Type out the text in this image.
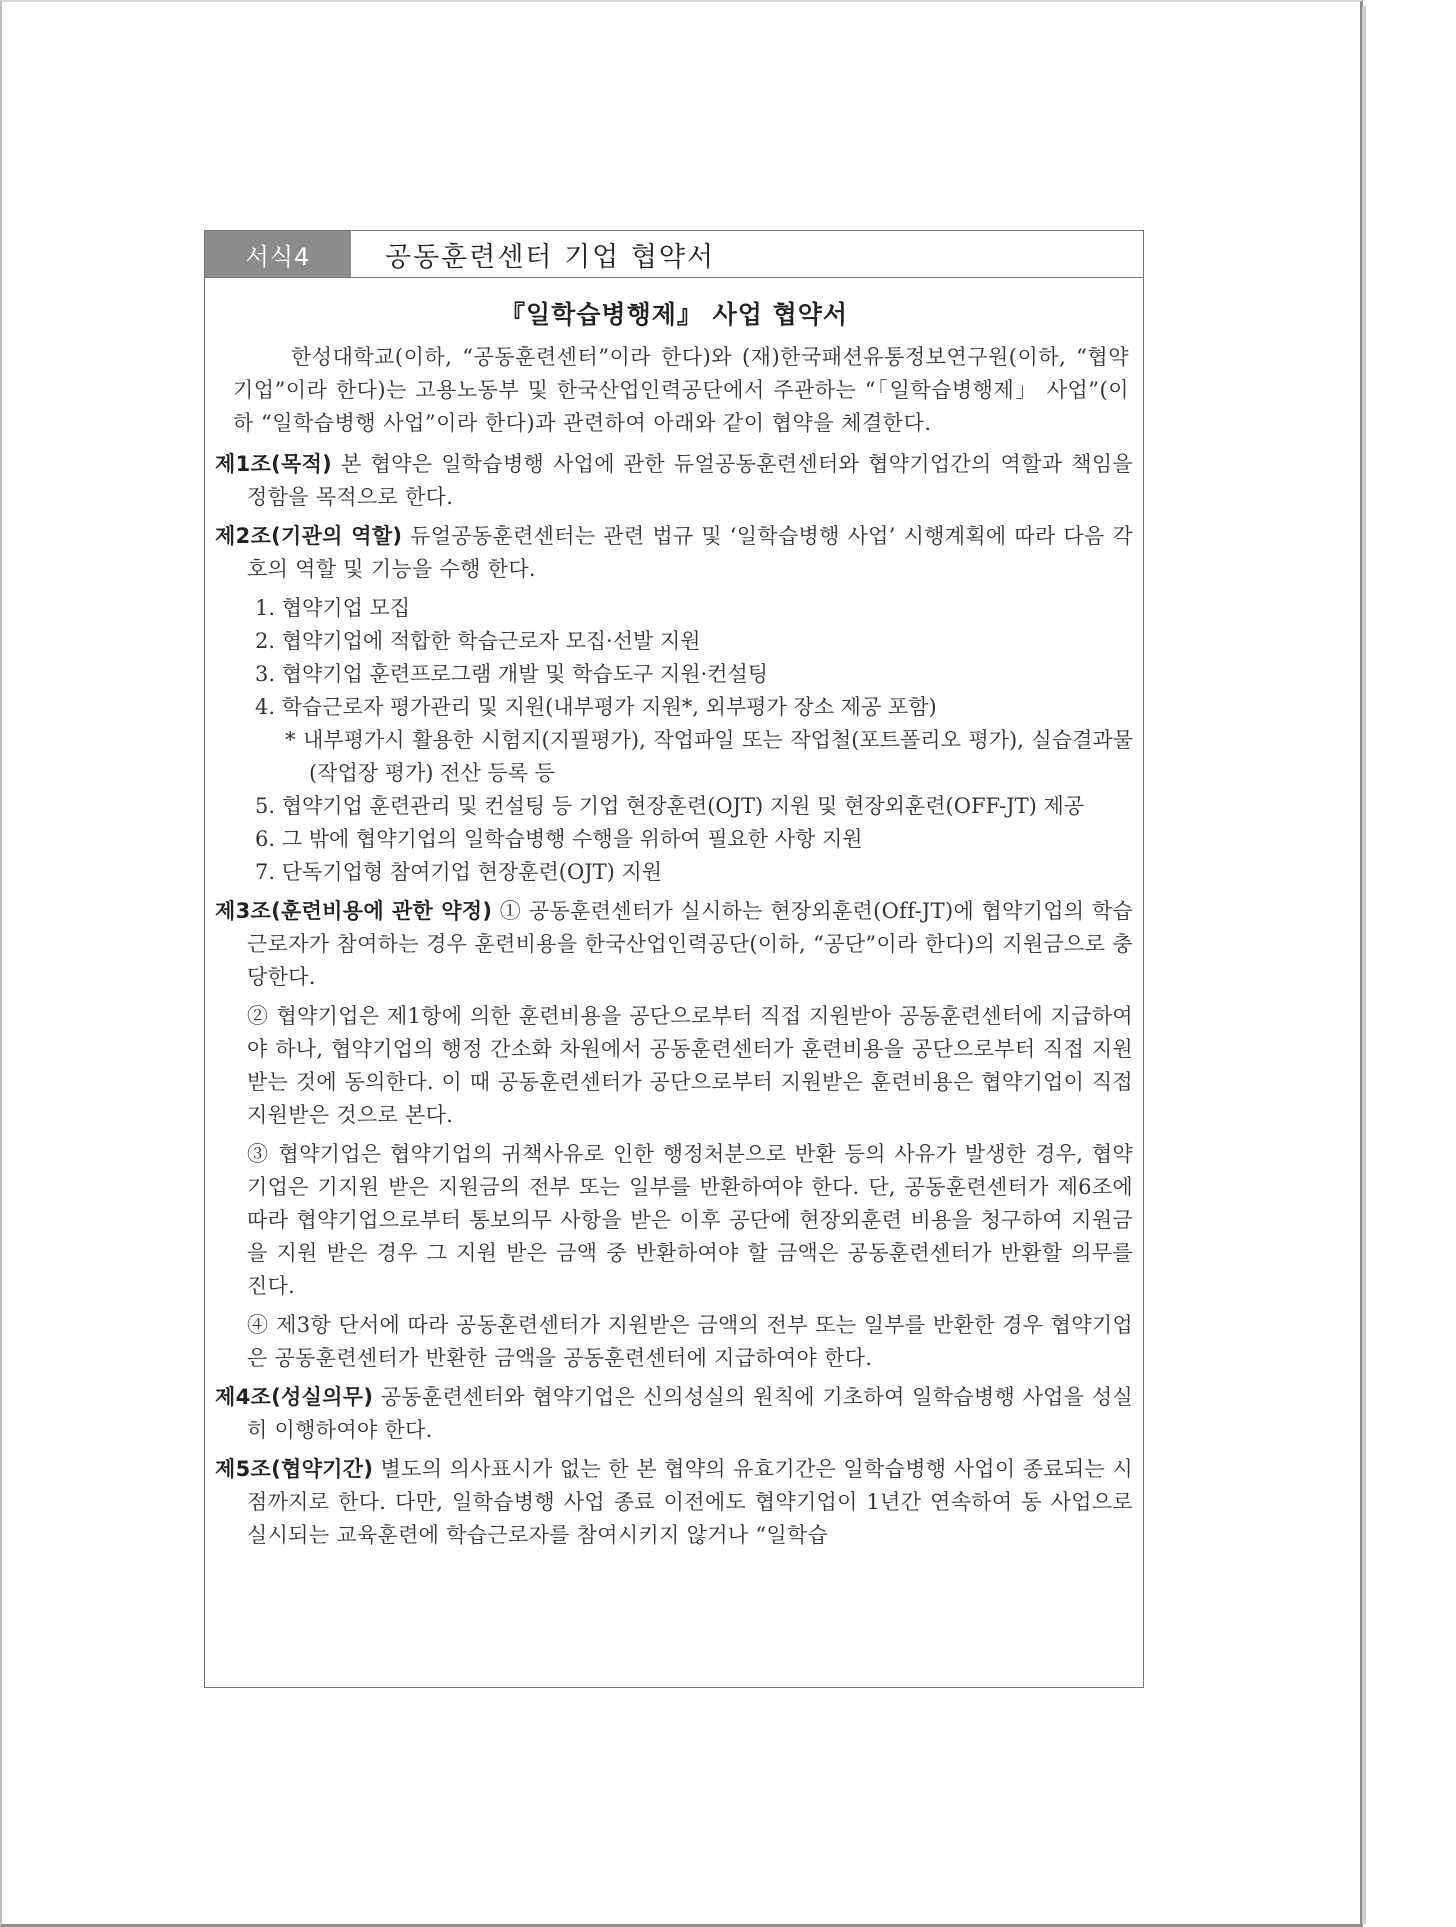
서식4	공동훈련센터 기업 협약서
『일학습병행제』 사업 협약서

한성대학교(이하, “공동훈련센터”이라 한다)와 (재)한국패션유통정보연구원(이하, “협약기업”이라 한다)는 고용노동부 및 한국산업인력공단에서 주관하는 “「일학습병행제」 사업”(이하 “일학습병행 사업”이라 한다)과 관련하여 아래와 같이 협약을 체결한다.

제1조(목적) 본 협약은 일학습병행 사업에 관한 듀얼공동훈련센터와 협약기업간의 역할과 책임을 정함을 목적으로 한다.

제2조(기관의 역할) 듀얼공동훈련센터는 관련 법규 및 ‘일학습병행 사업’ 시행계획에 따라 다음 각 호의 역할 및 기능을 수행 한다.

1. 협약기업 모집
2. 협약기업에 적합한 학습근로자 모집·선발 지원
3. 협약기업 훈련프로그램 개발 및 학습도구 지원·컨설팅
4. 학습근로자 평가관리 및 지원(내부평가 지원*, 외부평가 장소 제공 포함)
* 내부평가시 활용한 시험지(지필평가), 작업파일 또는 작업철(포트폴리오 평가), 실습결과물(작업장 평가) 전산 등록 등
5. 협약기업 훈련관리 및 컨설팅 등 기업 현장훈련(OJT) 지원 및 현장외훈련(OFF-JT) 제공
6. 그 밖에 협약기업의 일학습병행 수행을 위하여 필요한 사항 지원
7. 단독기업형 참여기업 현장훈련(OJT) 지원

제3조(훈련비용에 관한 약정) ① 공동훈련센터가 실시하는 현장외훈련(Off-JT)에 협약기업의 학습근로자가 참여하는 경우 훈련비용을 한국산업인력공단(이하, “공단”이라 한다)의 지원금으로 충당한다.

② 협약기업은 제1항에 의한 훈련비용을 공단으로부터 직접 지원받아 공동훈련센터에 지급하여야 하나, 협약기업의 행정 간소화 차원에서 공동훈련센터가 훈련비용을 공단으로부터 직접 지원받는 것에 동의한다. 이 때 공동훈련센터가 공단으로부터 지원받은 훈련비용은 협약기업이 직접 지원받은 것으로 본다.

③ 협약기업은 협약기업의 귀책사유로 인한 행정처분으로 반환 등의 사유가 발생한 경우, 협약기업은 기지원 받은 지원금의 전부 또는 일부를 반환하여야 한다. 단, 공동훈련센터가 제6조에 따라 협약기업으로부터 통보의무 사항을 받은 이후 공단에 현장외훈련 비용을 청구하여 지원금을 지원 받은 경우 그 지원 받은 금액 중 반환하여야 할 금액은 공동훈련센터가 반환할 의무를 진다.

④ 제3항 단서에 따라 공동훈련센터가 지원받은 금액의 전부 또는 일부를 반환한 경우 협약기업은 공동훈련센터가 반환한 금액을 공동훈련센터에 지급하여야 한다.

제4조(성실의무) 공동훈련센터와 협약기업은 신의성실의 원칙에 기초하여 일학습병행 사업을 성실히 이행하여야 한다.

제5조(협약기간) 별도의 의사표시가 없는 한 본 협약의 유효기간은 일학습병행 사업이 종료되는 시점까지로 한다. 다만, 일학습병행 사업 종료 이전에도 협약기업이 1년간 연속하여 동 사업으로 실시되는 교육훈련에 학습근로자를 참여시키지 않거나 “일학습
